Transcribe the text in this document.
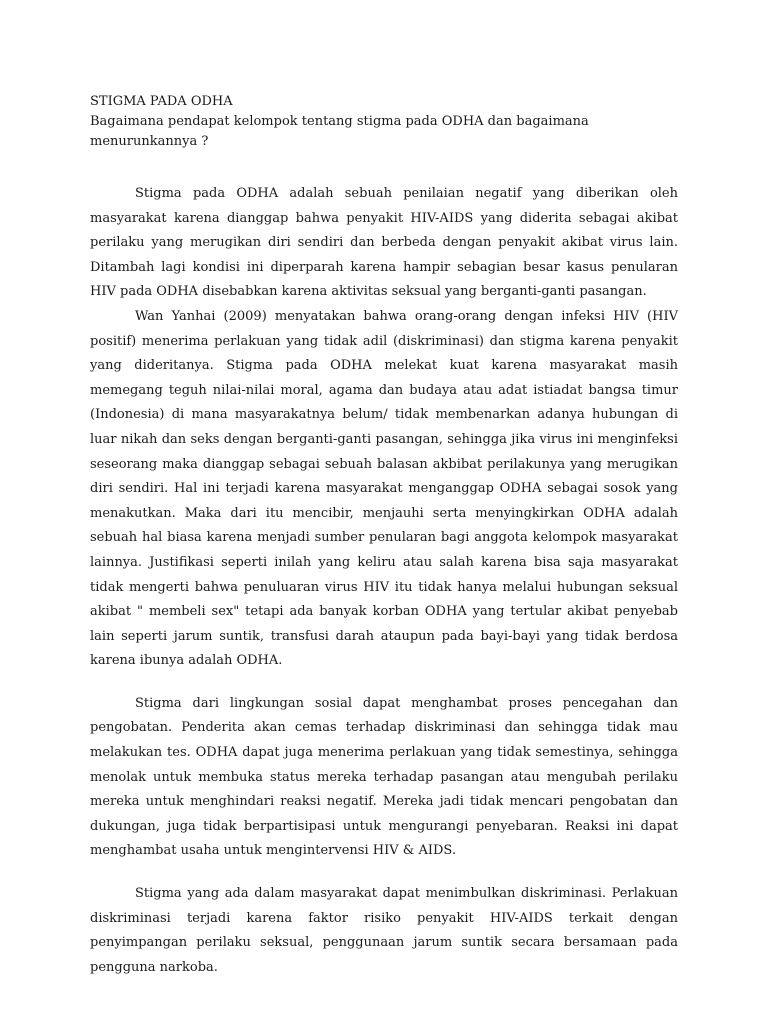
STIGMA PADA ODHA

Bagaimana pendapat kelompok tentang stigma pada ODHA dan bagaimana menurunkannya ?

Stigma pada ODHA adalah sebuah penilaian negatif yang diberikan oleh masyarakat karena dianggap bahwa penyakit HIV-AIDS yang diderita sebagai akibat perilaku yang merugikan diri sendiri dan berbeda dengan penyakit akibat virus lain. Ditambah lagi kondisi ini diperparah karena hampir sebagian besar kasus penularan HIV pada ODHA disebabkan karena aktivitas seksual yang berganti-ganti pasangan.

Wan Yanhai (2009) menyatakan bahwa orang-orang dengan infeksi HIV (HIV positif) menerima perlakuan yang tidak adil (diskriminasi) dan stigma karena penyakit yang dideritanya. Stigma pada ODHA melekat kuat karena masyarakat masih memegang teguh nilai-nilai moral, agama dan budaya atau adat istiadat bangsa timur (Indonesia) di mana masyarakatnya belum/ tidak membenarkan adanya hubungan di luar nikah dan seks dengan berganti-ganti pasangan, sehingga jika virus ini menginfeksi seseorang maka dianggap sebagai sebuah balasan akbibat perilakunya yang merugikan diri sendiri. Hal ini terjadi karena masyarakat menganggap ODHA sebagai sosok yang menakutkan. Maka dari itu mencibir, menjauhi serta menyingkirkan ODHA adalah sebuah hal biasa karena menjadi sumber penularan bagi anggota kelompok masyarakat lainnya. Justifikasi seperti inilah yang keliru atau salah karena bisa saja masyarakat tidak mengerti bahwa penuluaran virus HIV itu tidak hanya melalui hubungan seksual akibat " membeli sex" tetapi ada banyak korban ODHA yang tertular akibat penyebab lain seperti jarum suntik, transfusi darah ataupun pada bayi-bayi yang tidak berdosa karena ibunya adalah ODHA.

Stigma dari lingkungan sosial dapat menghambat proses pencegahan dan pengobatan. Penderita akan cemas terhadap diskriminasi dan sehingga tidak mau melakukan tes. ODHA dapat juga menerima perlakuan yang tidak semestinya, sehingga menolak untuk membuka status mereka terhadap pasangan atau mengubah perilaku mereka untuk menghindari reaksi negatif. Mereka jadi tidak mencari pengobatan dan dukungan, juga tidak berpartisipasi untuk mengurangi penyebaran. Reaksi ini dapat menghambat usaha untuk mengintervensi HIV & AIDS.

Stigma yang ada dalam masyarakat dapat menimbulkan diskriminasi. Perlakuan diskriminasi terjadi karena faktor risiko penyakit HIV-AIDS terkait dengan penyimpangan perilaku seksual, penggunaan jarum suntik secara bersamaan pada pengguna narkoba.
